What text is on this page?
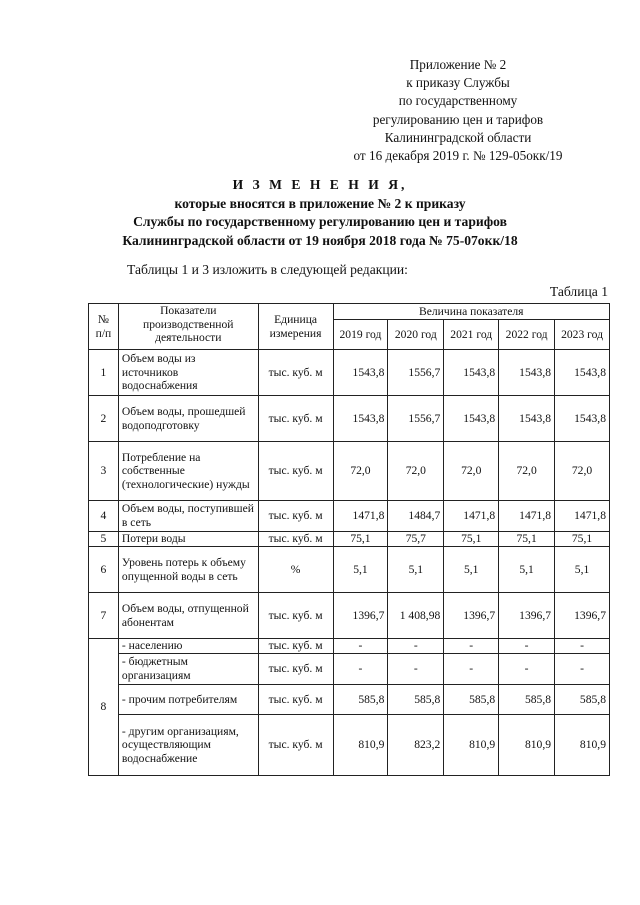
Приложение № 2
к приказу Службы
по государственному
регулированию цен и тарифов
Калининградской области
от 16 декабря 2019 г. № 129-05окк/19
И З М Е Н Е Н И Я,
которые вносятся в приложение № 2 к приказу
Службы по государственному регулированию цен и тарифов
Калининградской области от 19 ноября 2018 года № 75-07окк/18
Таблицы 1 и 3 изложить в следующей редакции:
Таблица 1
№ п/п	Показатели производственной деятельности	Единица измерения	Величина показателя				
			2019 год	2020 год	2021 год	2022 год	2023 год
1	Объем воды из источников водоснабжения	тыс. куб. м	1543,8	1556,7	1543,8	1543,8	1543,8
2	Объем воды, прошедшей водоподготовку	тыс. куб. м	1543,8	1556,7	1543,8	1543,8	1543,8
3	Потребление на собственные (технологические) нужды	тыс. куб. м	72,0	72,0	72,0	72,0	72,0
4	Объем воды, поступившей в сеть	тыс. куб. м	1471,8	1484,7	1471,8	1471,8	1471,8
5	Потери воды	тыс. куб. м	75,1	75,7	75,1	75,1	75,1
6	Уровень потерь к объему опущенной воды в сеть	%	5,1	5,1	5,1	5,1	5,1
7	Объем воды, отпущенной абонентам	тыс. куб. м	1396,7	1 408,98	1396,7	1396,7	1396,7
8	- населению	тыс. куб. м	-	-	-	-	-
	- бюджетным организациям	тыс. куб. м	-	-	-	-	-
	- прочим потребителям	тыс. куб. м	585,8	585,8	585,8	585,8	585,8
	- другим организациям, осуществляющим водоснабжение	тыс. куб. м	810,9	823,2	810,9	810,9	810,9
